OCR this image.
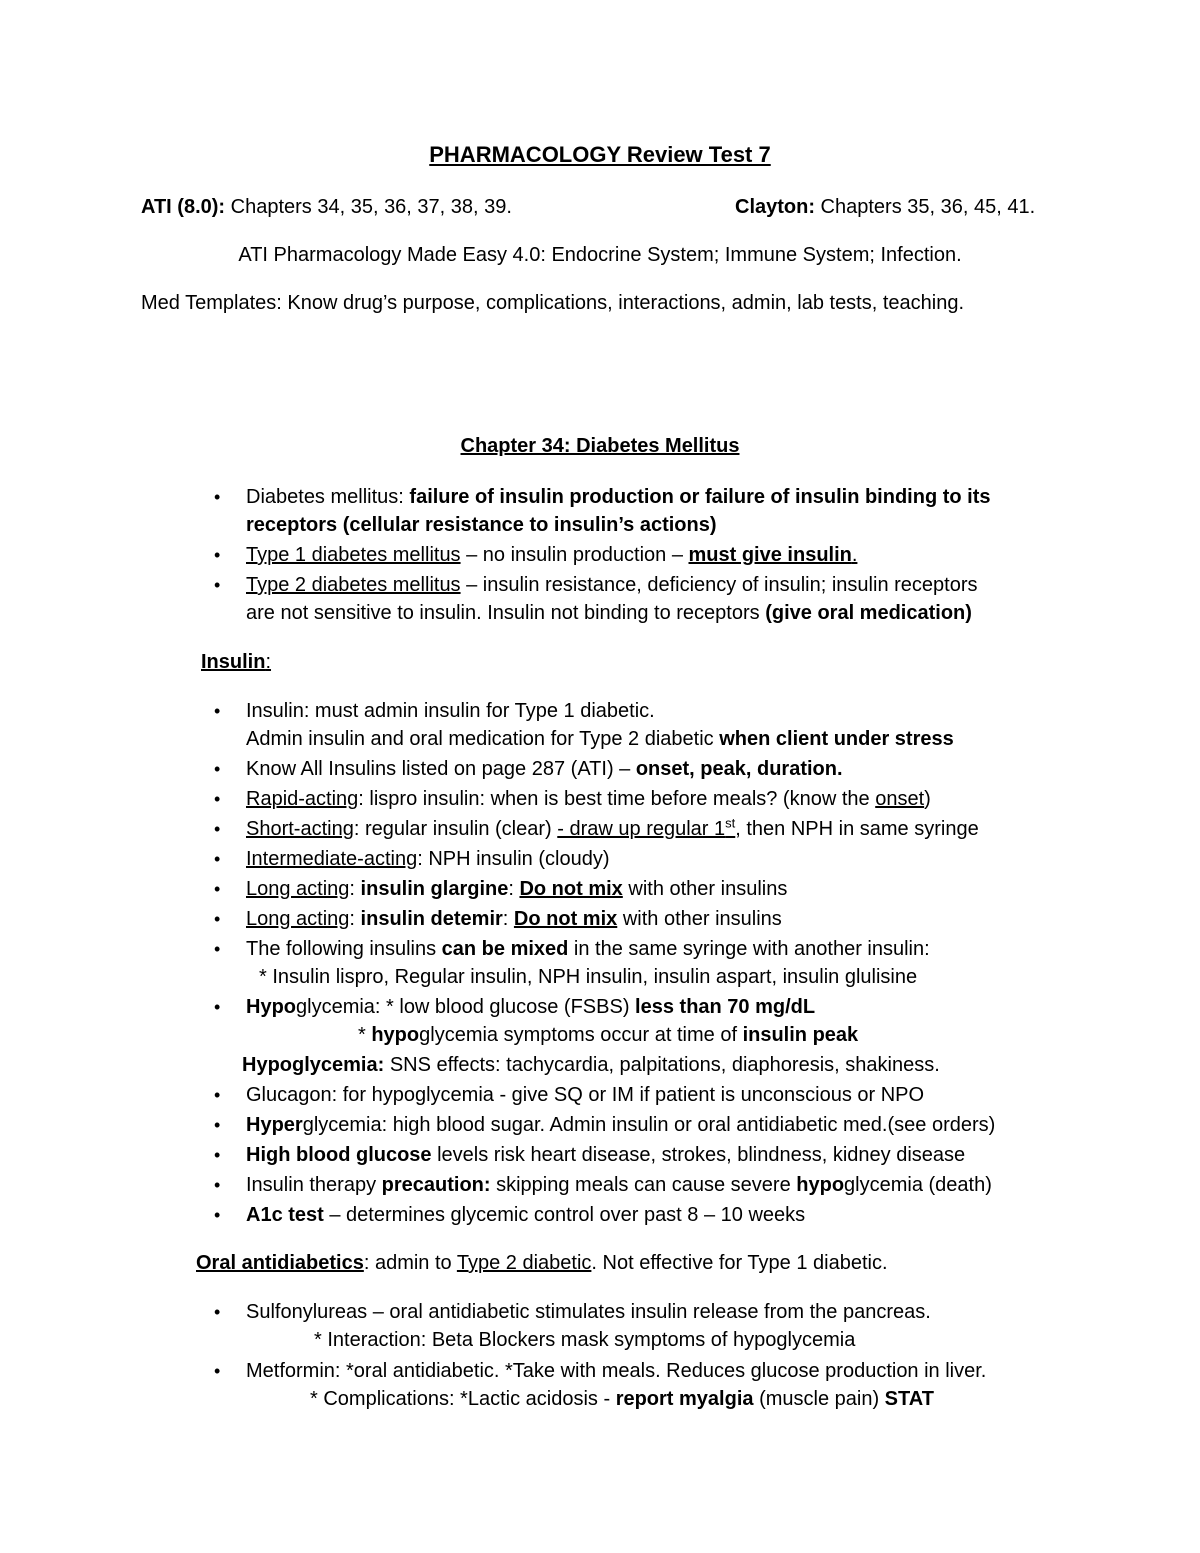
PHARMACOLOGY Review Test 7
ATI (8.0): Chapters 34, 35, 36, 37, 38, 39.	Clayton: Chapters 35, 36, 45, 41.
ATI Pharmacology Made Easy 4.0: Endocrine System; Immune System; Infection.
Med Templates: Know drug’s purpose, complications, interactions, admin, lab tests, teaching.
Chapter 34: Diabetes Mellitus
• Diabetes mellitus: failure of insulin production or failure of insulin binding to its
receptors (cellular resistance to insulin’s actions)
• Type 1 diabetes mellitus – no insulin production – must give insulin.
• Type 2 diabetes mellitus – insulin resistance, deficiency of insulin; insulin receptors
are not sensitive to insulin. Insulin not binding to receptors (give oral medication)
Insulin:
• Insulin: must admin insulin for Type 1 diabetic.
Admin insulin and oral medication for Type 2 diabetic when client under stress
• Know All Insulins listed on page 287 (ATI) – onset, peak, duration.
• Rapid-acting: lispro insulin: when is best time before meals? (know the onset)
• Short-acting: regular insulin (clear) - draw up regular 1st, then NPH in same syringe
• Intermediate-acting: NPH insulin (cloudy)
• Long acting: insulin glargine: Do not mix with other insulins
• Long acting: insulin detemir: Do not mix with other insulins
• The following insulins can be mixed in the same syringe with another insulin:
* Insulin lispro, Regular insulin, NPH insulin, insulin aspart, insulin glulisine
• Hypoglycemia: * low blood glucose (FSBS) less than 70 mg/dL
* hypoglycemia symptoms occur at time of insulin peak
Hypoglycemia: SNS effects: tachycardia, palpitations, diaphoresis, shakiness.
• Glucagon: for hypoglycemia - give SQ or IM if patient is unconscious or NPO
• Hyperglycemia: high blood sugar. Admin insulin or oral antidiabetic med.(see orders)
• High blood glucose levels risk heart disease, strokes, blindness, kidney disease
• Insulin therapy precaution: skipping meals can cause severe hypoglycemia (death)
• A1c test – determines glycemic control over past 8 – 10 weeks
Oral antidiabetics: admin to Type 2 diabetic. Not effective for Type 1 diabetic.
• Sulfonylureas – oral antidiabetic stimulates insulin release from the pancreas.
* Interaction: Beta Blockers mask symptoms of hypoglycemia
• Metformin: *oral antidiabetic. *Take with meals. Reduces glucose production in liver.
* Complications: *Lactic acidosis - report myalgia (muscle pain) STAT
